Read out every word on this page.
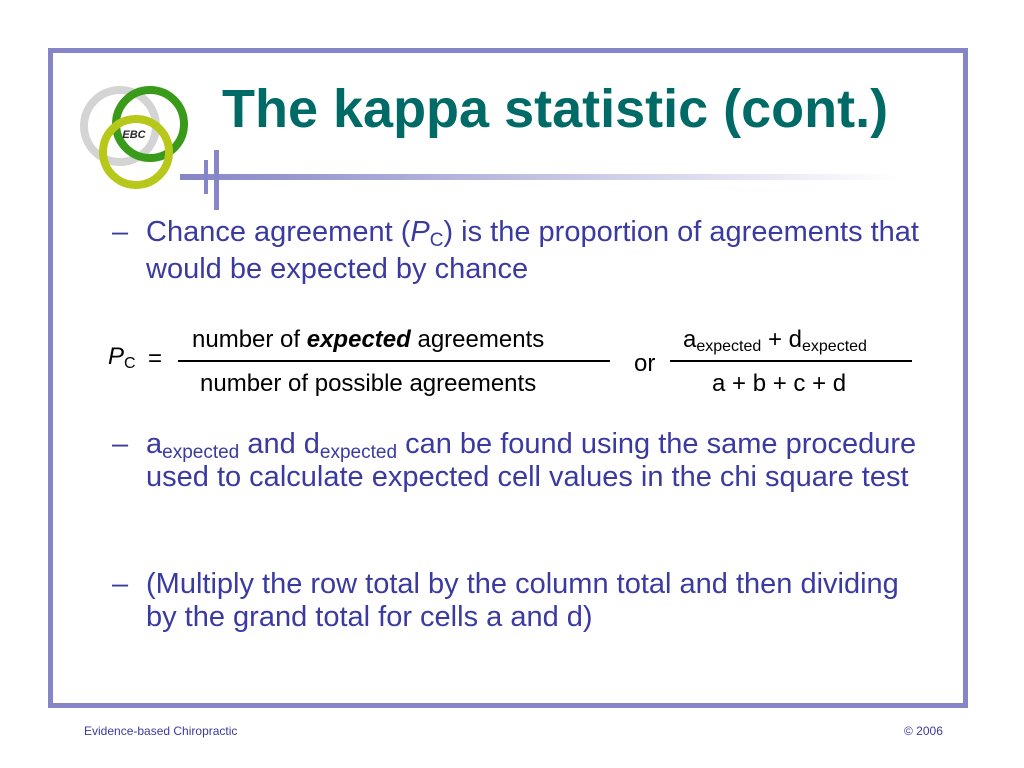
EBC The kappa statistic (cont.)
– Chance agreement $(P_C)$ is the proportion of agreements that would be expected by chance
$P_C$ =
number of expected agreements
number of possible agreements
or
$a_{expected} + d_{expected}$
a + b + c + d
– $a_{expected}$ and $d_{expected}$ can be found using the same procedure used to calculate expected cell values in the chi square test
– (Multiply the row total by the column total and then dividing by the grand total for cells a and d)
Evidence-based Chiropractic	© 2006
